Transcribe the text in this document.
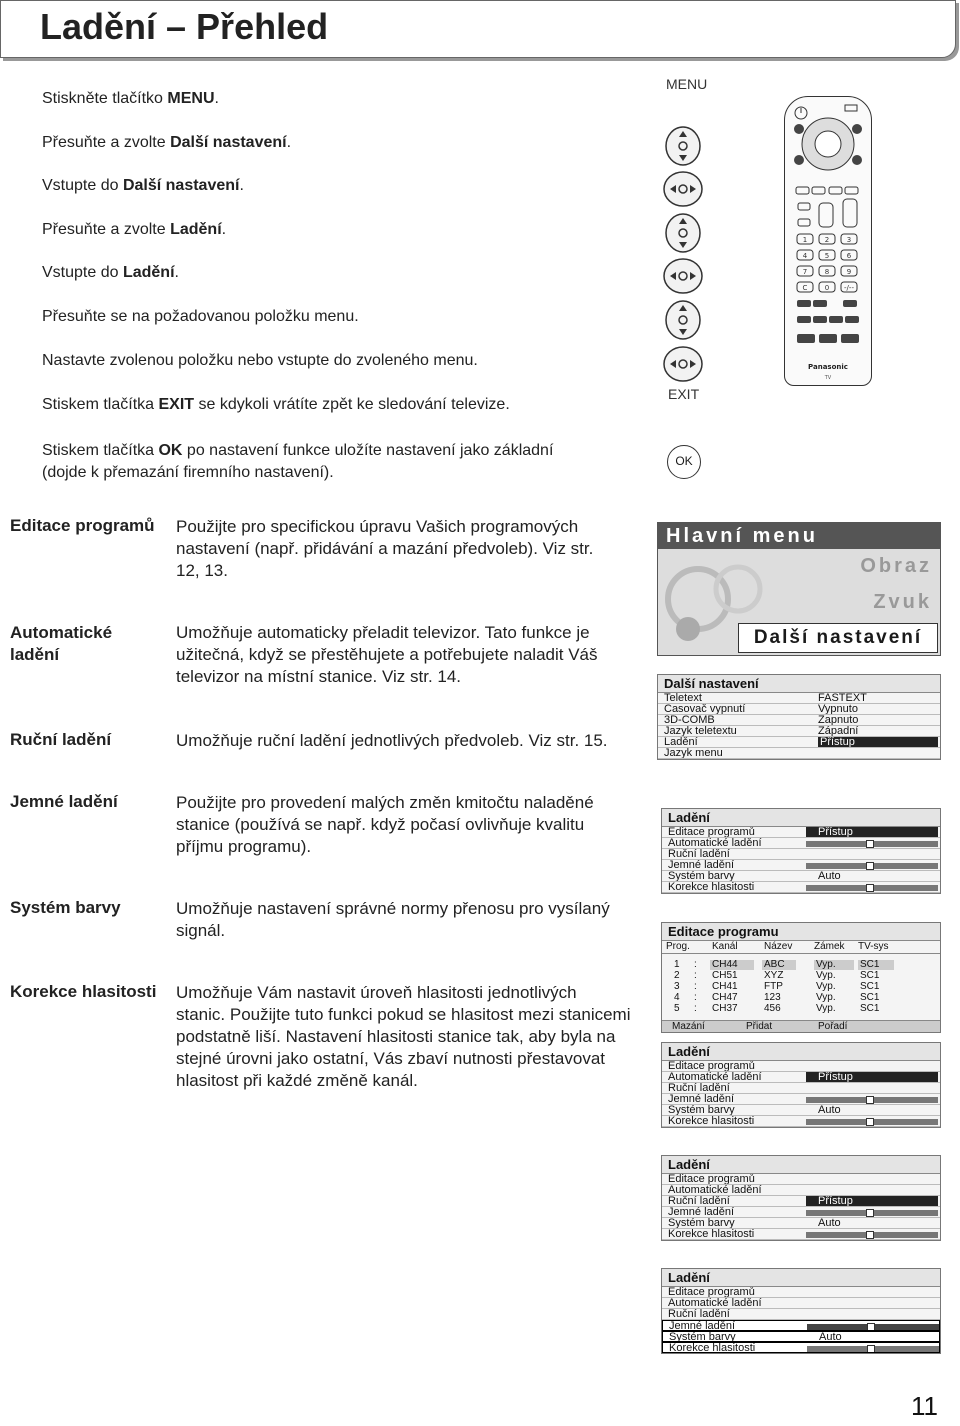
Ladění – Přehled
Stiskněte tlačítko MENU.
Přesuňte a zvolte Další nastavení.
Vstupte do Další nastavení.
Přesuňte a zvolte Ladění.
Vstupte do Ladění.
Přesuňte se na požadovanou položku menu.
Nastavte zvolenou položku nebo vstupte do zvoleného menu.
Stiskem tlačítka EXIT se kdykoli vrátíte zpět ke sledování televize.
Stiskem tlačítka OK po nastavení funkce uložíte nastavení jako základní
(dojde k přemazání firemního nastavení).
MENU
EXIT
OK
1	2	3
4	5	6
7	8	9
C 0 -/--
Panasonic
TV
Editace programů Použijte pro specifickou úpravu Vašich programových
nastavení (např. přidávání a mazání předvoleb). Viz str.
12, 13.
Automatické
ladění
Umožňuje automaticky přeladit televizor. Tato funkce je
užitečná, když se přestěhujete a potřebujete naladit Váš
televizor na místní stanice. Viz str. 14.
Ruční ladění	Umožňuje ruční ladění jednotlivých předvoleb. Viz str. 15.
Jemné ladění	Použijte pro provedení malých změn kmitočtu naladěné
stanice (používá se např. když počasí ovlivňuje kvalitu
příjmu programu).
Systém barvy	Umožňuje nastavení správné normy přenosu pro vysílaný
signál.
Korekce hlasitosti Umožňuje Vám nastavit úroveň hlasitosti jednotlivých
stanic. Použijte tuto funkci pokud se hlasitost mezi stanicemi
podstatně liší. Nastavení hlasitosti stanice tak, aby byla na
stejné úrovni jako ostatní, Vás zbaví nutnosti přestavovat
hlasitost při každé změně kanál.
Hlavní menu
Obraz
Zvuk
Další nastavení
Další nastavení
Teletext	FASTEXT
Časovač vypnutí	Vypnuto
3D-COMB	Zapnuto
Jazyk teletextu	Západní
Ladění	Přístup
Jazyk menu
Ladění
Editace programů	Přístup
Automatické ladění
Ruční ladění
Jemné ladění
Systém barvy	Auto
Korekce hlasitosti
Editace programu
Prog. Kanál	Název Zámek TV-sys
1 : CH44	ABC	Vyp.	SC1
2 : CH51	XYZ	Vyp. SC1
3 : CH41	FTP	Vyp. SC1
4 : CH47	123	Vyp. SC1
5 : CH37	456	Vyp. SC1
Mazání	Přidat	Pořadí
Ladění
Editace programů
Automatické ladění	Přístup
Ruční ladění
Jemné ladění
Systém barvy	Auto
Korekce hlasitosti
Ladění
Editace programů
Automatické ladění
Ruční ladění	Přístup
Jemné ladění
Systém barvy	Auto
Korekce hlasitosti
Ladění
Editace programů
Automatické ladění
Ruční ladění
Jemné ladění
Systém barvy	Auto
Korekce hlasitosti
11
